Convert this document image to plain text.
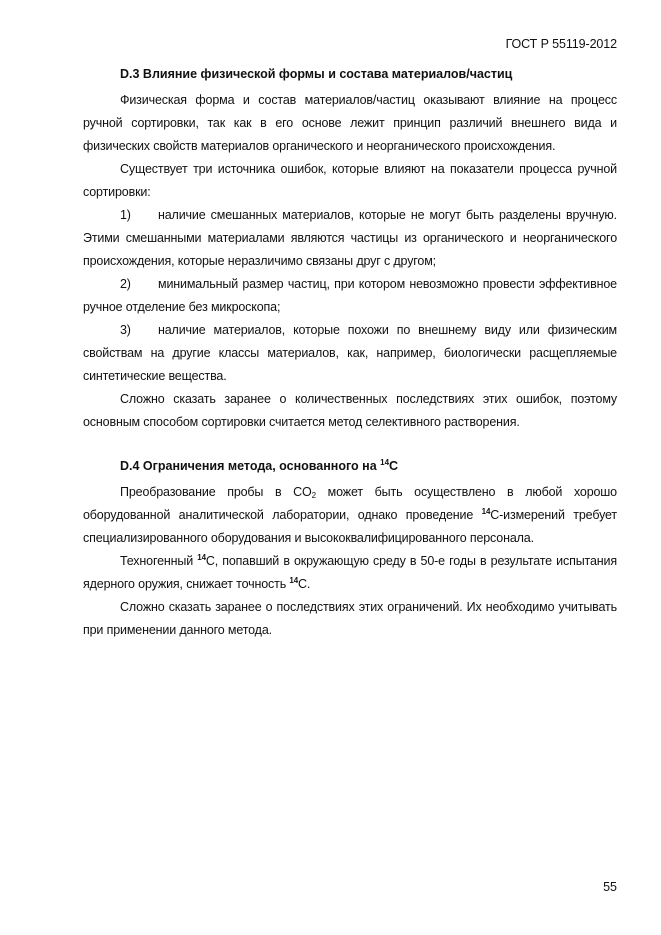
ГОСТ Р 55119-2012
D.3 Влияние физической формы и состава материалов/частиц

Физическая форма и состав материалов/частиц оказывают влияние на процесс ручной сортировки, так как в его основе лежит принцип различий внешнего вида и физических свойств материалов органического и неорганического происхождения.

Существует три источника ошибок, которые влияют на показатели процесса ручной сортировки:

1) наличие смешанных материалов, которые не могут быть разделены вручную. Этими смешанными материалами являются частицы из органического и неорганического происхождения, которые неразличимо связаны друг с другом;

2) минимальный размер частиц, при котором невозможно провести эффективное ручное отделение без микроскопа;

3) наличие материалов, которые похожи по внешнему виду или физическим свойствам на другие классы материалов, как, например, биологически расщепляемые синтетические вещества.

Сложно сказать заранее о количественных последствиях этих ошибок, поэтому основным способом сортировки считается метод селективного растворения.

D.4 Ограничения метода, основанного на $^{14}$C

Преобразование пробы в $CO_2$ может быть осуществлено в любой хорошо оборудованной аналитической лаборатории, однако проведение $^{14}$C-измерений требует специализированного оборудования и высококвалифицированного персонала.

Техногенный $^{14}$C, попавший в окружающую среду в 50-е годы в результате испытания ядерного оружия, снижает точность $^{14}$C.

Сложно сказать заранее о последствиях этих ограничений. Их необходимо учитывать при применении данного метода.

55
